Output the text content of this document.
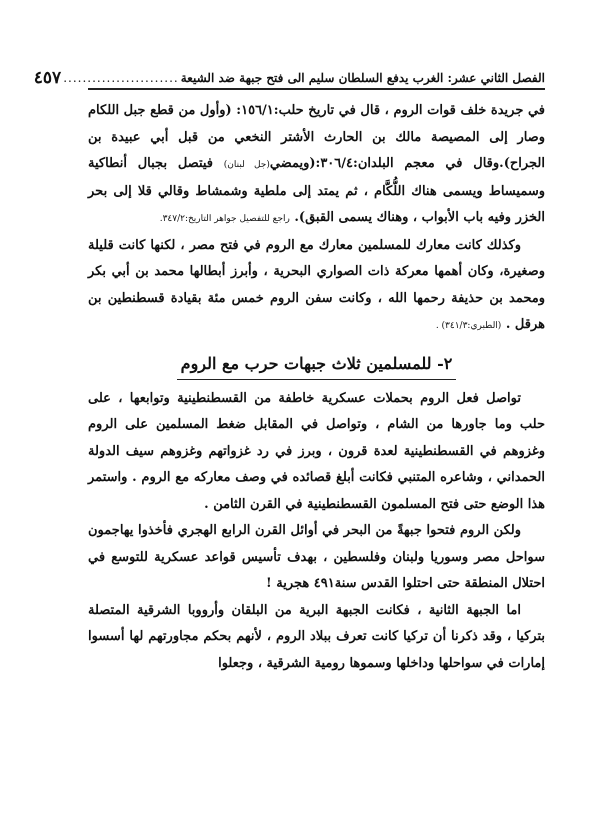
الفصل الثاني عشر: الغرب يدفع السلطان سليم الى فتح جبهة ضد الشيعة
........................
٤٥٧

في جريدة خلف قوات الروم ، قال في تاريخ حلب:١٥٦/١: (وأول من قطع جبل اللكام وصار إلى المصيصة مالك بن الحارث الأشتر النخعي من قبل أبي عبيدة بن الجراح).وقال في معجم البلدان:٣٠٦/٤:(ويمضي(جل لبنان) فيتصل بجبال أنطاكية وسميساط ويسمى هناك اللُّكَّام ، ثم يمتد إلى ملطية وشمشاط وقالي قلا إلى بحر الخزر وفيه باب الأبواب ، وهناك يسمى القبق). راجع للتفصيل جواهر التاريخ:٣٤٧/٢.

وكذلك كانت معارك للمسلمين معارك مع الروم في فتح مصر ، لكنها كانت قليلة وصغيرة، وكان أهمها معركة ذات الصواري البحرية ، وأبرز أبطالها محمد بن أبي بكر ومحمد بن حذيفة رحمها الله ، وكانت سفن الروم خمس مئة بقيادة قسطنطين بن هرقل . (الطبري:٣٤١/٣) .

٢- للمسلمين ثلاث جبهات حرب مع الروم

تواصل فعل الروم بحملات عسكرية خاطفة من القسطنطينية وتوابعها ، على حلب وما جاورها من الشام ، وتواصل في المقابل ضغط المسلمين على الروم وغزوهم في القسطنطينية لعدة قرون ، وبرز في رد غزواتهم وغزوهم سيف الدولة الحمداني ، وشاعره المتنبي فكانت أبلغ قصائده في وصف معاركه مع الروم . واستمر هذا الوضع حتى فتح المسلمون القسطنطينية في القرن الثامن .

ولكن الروم فتحوا جبهةً من البحر في أوائل القرن الرابع الهجري فأخذوا يهاجمون سواحل مصر وسوريا ولبنان وفلسطين ، بهدف تأسيس قواعد عسكرية للتوسع في احتلال المنطقة حتى احتلوا القدس سنة٤٩١ هجرية !

اما الجبهة الثانية ، فكانت الجبهة البرية من البلقان وأرووبا الشرقية المتصلة بتركيا ، وقد ذكرنا أن تركيا كانت تعرف ببلاد الروم ، لأنهم بحكم مجاورتهم لها أسسوا إمارات في سواحلها وداخلها وسموها رومية الشرقية ، وجعلوا
